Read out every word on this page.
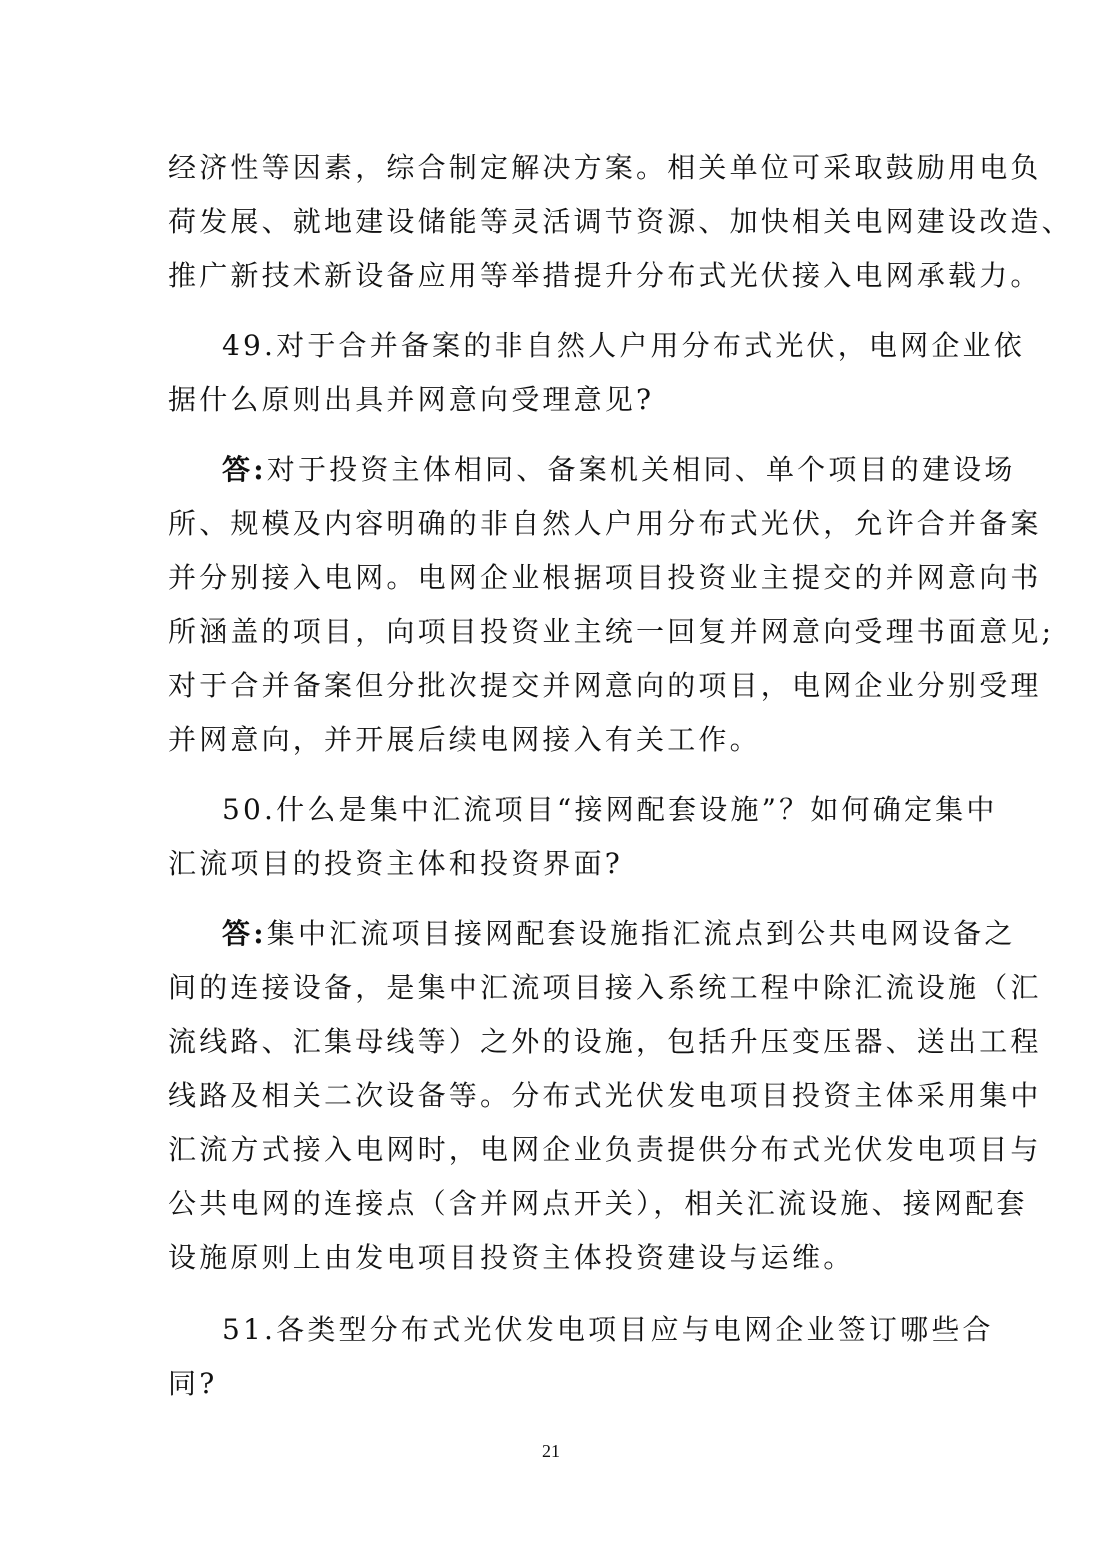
经济性等因素，综合制定解决方案。相关单位可采取鼓励用电负
荷发展、就地建设储能等灵活调节资源、加快相关电网建设改造、
推广新技术新设备应用等举措提升分布式光伏接入电网承载力。
49.对于合并备案的非自然人户用分布式光伏，电网企业依
据什么原则出具并网意向受理意见?
答:对于投资主体相同、备案机关相同、单个项目的建设场
所、规模及内容明确的非自然人户用分布式光伏，允许合并备案
并分别接入电网。电网企业根据项目投资业主提交的并网意向书
所涵盖的项目，向项目投资业主统一回复并网意向受理书面意见;
对于合并备案但分批次提交并网意向的项目，电网企业分别受理
并网意向，并开展后续电网接入有关工作。
50.什么是集中汇流项目“接网配套设施”？如何确定集中
汇流项目的投资主体和投资界面?
答:集中汇流项目接网配套设施指汇流点到公共电网设备之
间的连接设备，是集中汇流项目接入系统工程中除汇流设施（汇
流线路、汇集母线等）之外的设施，包括升压变压器、送出工程
线路及相关二次设备等。分布式光伏发电项目投资主体采用集中
汇流方式接入电网时，电网企业负责提供分布式光伏发电项目与
公共电网的连接点（含并网点开关），相关汇流设施、接网配套
设施原则上由发电项目投资主体投资建设与运维。
51.各类型分布式光伏发电项目应与电网企业签订哪些合
同?
21
